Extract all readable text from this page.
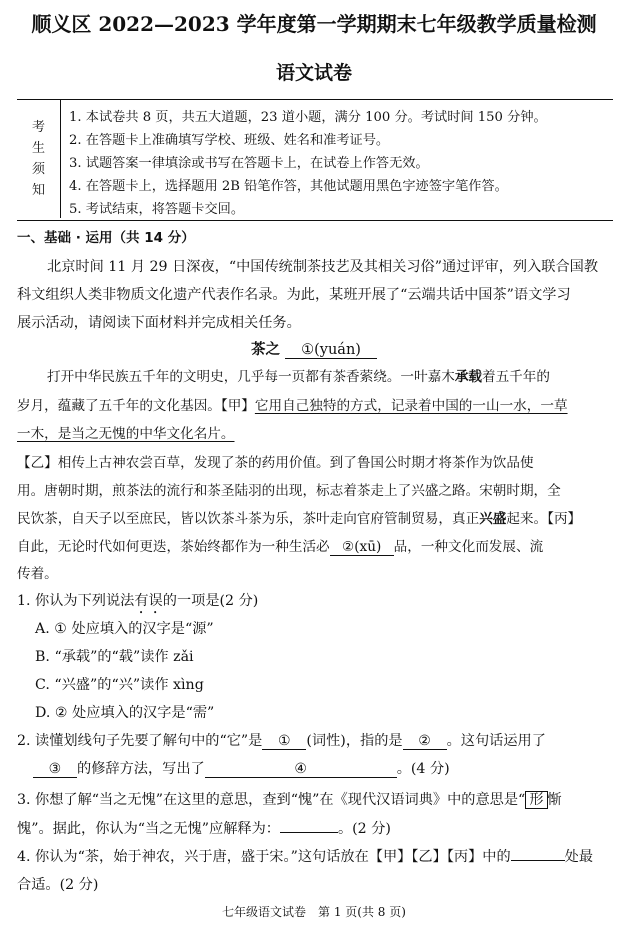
顺义区 2022—2023 学年度第一学期期末七年级教学质量检测
语文试卷
考
生
须
知
1. 本试卷共 8 页，共五大道题，23 道小题，满分 100 分。考试时间 150 分钟。
2. 在答题卡上准确填写学校、班级、姓名和准考证号。
3. 试题答案一律填涂或书写在答题卡上，在试卷上作答无效。
4. 在答题卡上，选择题用 2B 铅笔作答，其他试题用黑色字迹签字笔作答。
5. 考试结束，将答题卡交回。
一、基础 · 运用（共 14 分）
北京时间 11 月 29 日深夜，“中国传统制茶技艺及其相关习俗”通过评审，列入联合国教
科文组织人类非物质文化遗产代表作名录。为此，某班开展了“云端共话中国茶”语文学习
展示活动，请阅读下面材料并完成相关任务。
茶之 ①(yuán)
打开中华民族五千年的文明史，几乎每一页都有茶香萦绕。一叶嘉木承载着五千年的
岁月，蕴藏了五千年的文化基因。【甲】它用自己独特的方式，记录着中国的一山一水，一草
一木，是当之无愧的中华文化名片。
【乙】相传上古神农尝百草，发现了茶的药用价值。到了鲁国公时期才将茶作为饮品使
用。唐朝时期，煎茶法的流行和茶圣陆羽的出现，标志着茶走上了兴盛之路。宋朝时期，全
民饮茶，自天子以至庶民，皆以饮茶斗茶为乐，茶叶走向官府管制贸易，真正兴盛起来。【丙】
自此，无论时代如何更迭，茶始终都作为一种生活必 ②(xū) 品，一种文化而发展、流
传着。
1. 你认为下列说法有误的一项是(2 分)
A. ① 处应填入的汉字是“源”
B. “承载”的“载”读作 zǎi
C. “兴盛”的“兴”读作 xìng
D. ② 处应填入的汉字是“需”
2. 读懂划线句子先要了解句中的“它”是 ① (词性)，指的是 ② 。这句话运用了
③ 的修辞方法，写出了	④	。(4 分)
3. 你想了解“当之无愧”在这里的意思，查到“愧”在《现代汉语词典》中的意思是“ 形 惭
愧”。据此，你认为“当之无愧”应解释为：	。(2 分)
4. 你认为“茶，始于神农，兴于唐，盛于宋。”这句话放在【甲】【乙】【丙】中的	处最
合适。(2 分)
七年级语文试卷　第 1 页(共 8 页)
